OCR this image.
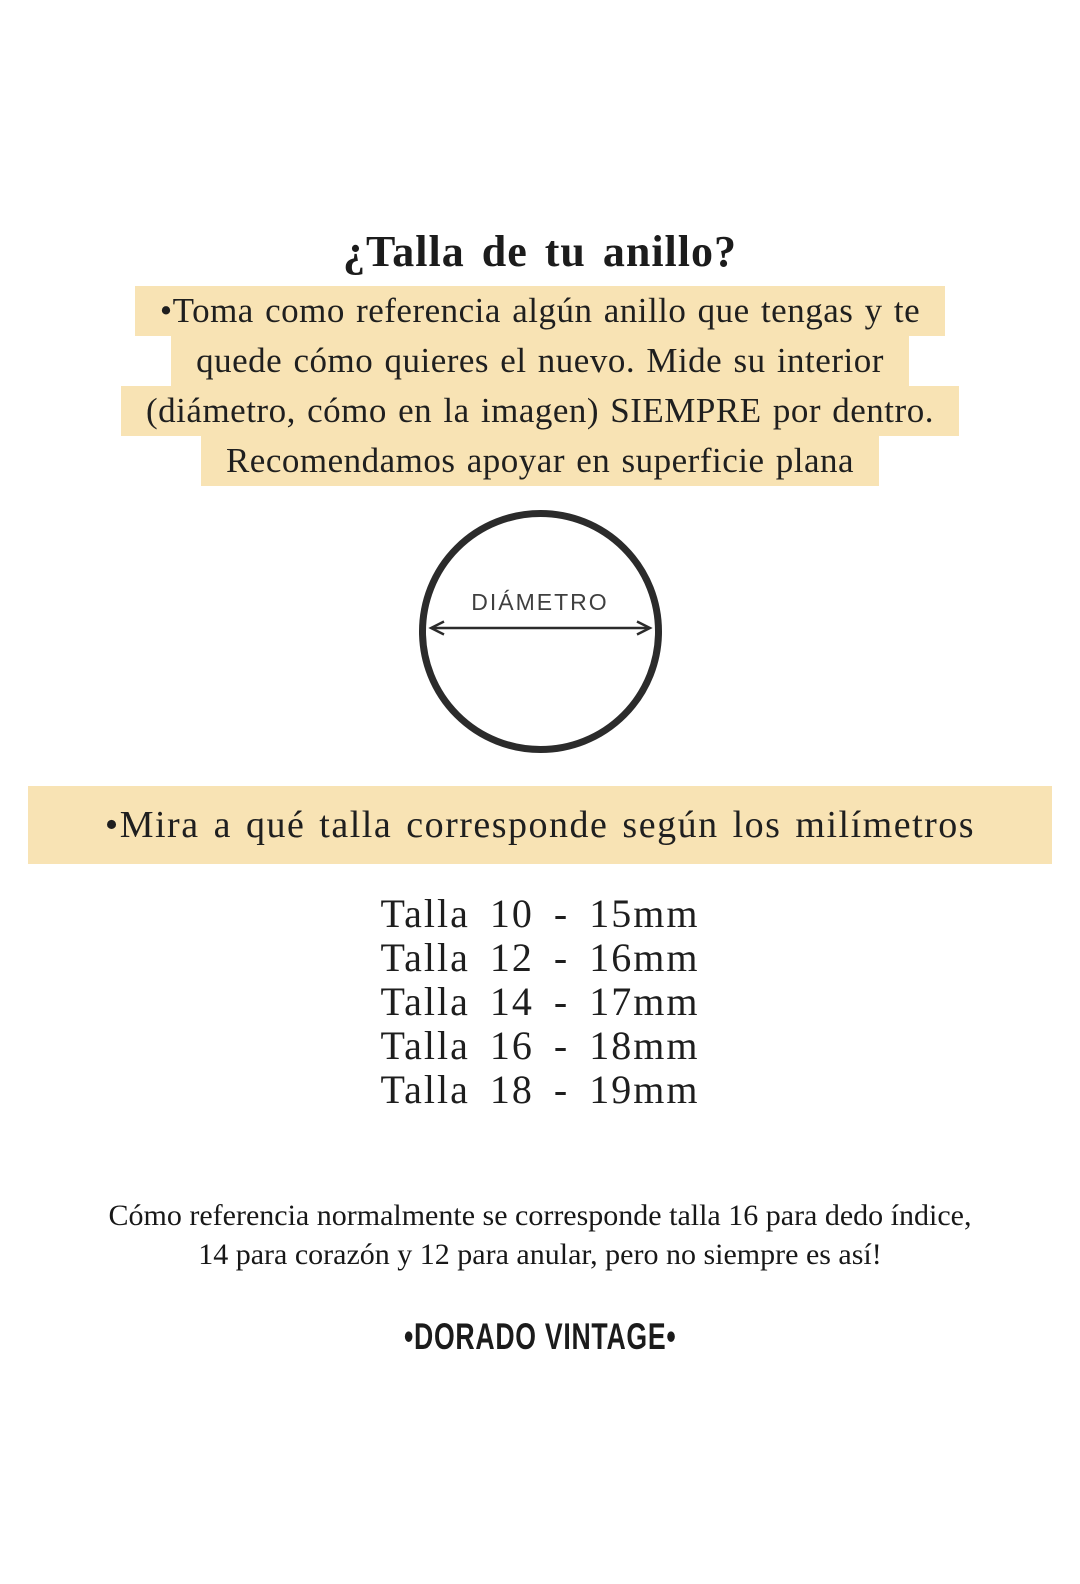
¿Talla de tu anillo?
•Toma como referencia algún anillo que tengas y te
quede cómo quieres el nuevo. Mide su interior
(diámetro, cómo en la imagen) SIEMPRE por dentro.
Recomendamos apoyar en superficie plana
DIÁMETRO
•Mira a qué talla corresponde según los milímetros
Talla 10 - 15mm
Talla 12 - 16mm
Talla 14 - 17mm
Talla 16 - 18mm
Talla 18 - 19mm
Cómo referencia normalmente se corresponde talla 16 para dedo índice,
14 para corazón y 12 para anular, pero no siempre es así!
•DORADO VINTAGE•
